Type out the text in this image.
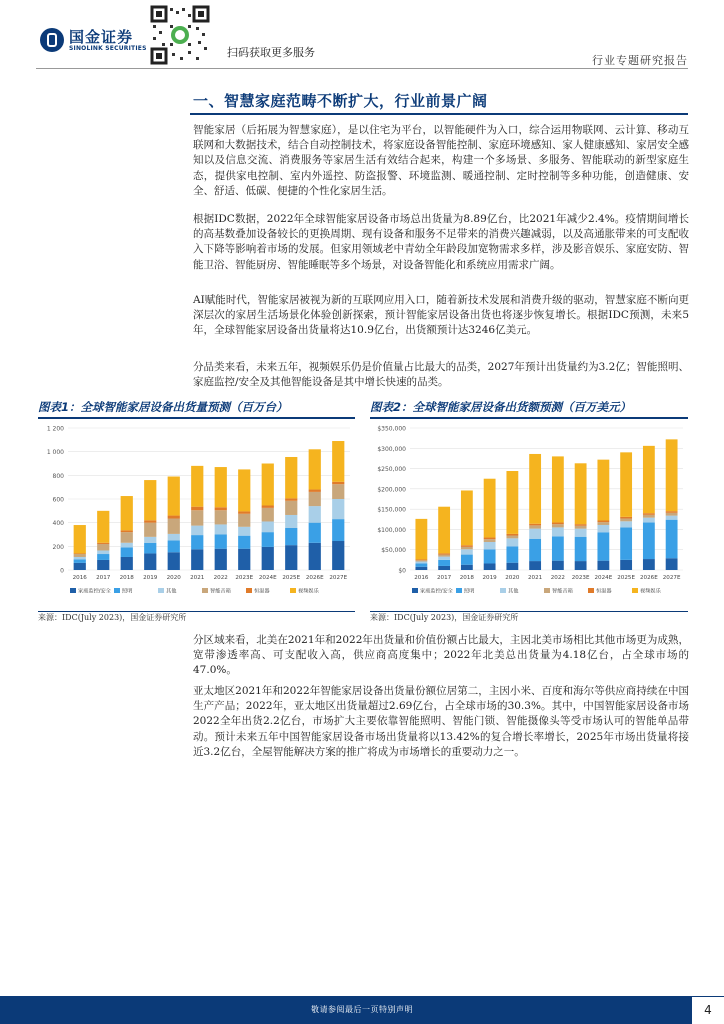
国金证券
SINOLINK SECURITIES	扫码获取更多服务
行业专题研究报告
一、智慧家庭范畴不断扩大，行业前景广阔
智能家居（后拓展为智慧家庭），是以住宅为平台，以智能硬件为入口，综合运用物联网、云计算、移动互联网和大数据技术，结合自动控制技术，将家庭设备智能控制、家庭环境感知、家人健康感知、家居安全感知以及信息交流、消费服务等家居生活有效结合起来，构建一个多场景、多服务、智能联动的新型家庭生态，提供家电控制、室内外遥控、防盗报警、环境监测、暖通控制、定时控制等多种功能，创造健康、安全、舒适、低碳、便捷的个性化家居生活。
根据IDC数据，2022年全球智能家居设备市场总出货量为8.89亿台，比2021年减少2.4%。疫情期间增长的高基数叠加设备较长的更换周期、现有设备和服务不足带来的消费兴趣减弱，以及高通胀带来的可支配收入下降等影响着市场的发展。但家用领域老中青幼全年龄段加宽物需求多样，涉及影音娱乐、家庭安防、智能卫浴、智能厨房、智能睡眠等多个场景，对设备智能化和系统应用需求广阔。
AI赋能时代，智能家居被视为新的互联网应用入口，随着新技术发展和消费升级的驱动，智慧家庭不断向更深层次的家居生活场景化体验创新探索，预计智能家居设备出货也将逐步恢复增长。根据IDC预测，未来5年，全球智能家居设备出货量将达10.9亿台，出货额预计达3246亿美元。
分品类来看，未来五年，视频娱乐仍是价值量占比最大的品类，2027年预计出货量约为3.2亿；智能照明、家庭监控/安全及其他智能设备是其中增长快速的品类。
图表1：全球智能家居设备出货量预测（百万台）
0
200
400
600
800
1 000
1 200
2016 2017 2018 2019 2020 2021 2022 2023E 2024E 2025E 2026E 2027E
家庭监控/安全 照明	其他	智能音箱	恒温器	视频娱乐
来源：IDC(July 2023)，国金证券研究所
图表2：全球智能家居设备出货额预测（百万美元）
$0
$50,000
$100,000
$150,000
$200,000
$250,000
$300,000
$350,000
2016 2017 2018 2019 2020 2021 2022 2023E 2024E 2025E 2026E 2027E
家庭监控/安全 照明	其他	智能音箱	恒温器	视频娱乐
来源：IDC(July 2023)，国金证券研究所
分区域来看，北美在2021年和2022年出货量和价值份额占比最大，主因北美市场相比其他市场更为成熟，宽带渗透率高、可支配收入高，供应商高度集中；2022年北美总出货量为4.18亿台，占全球市场的47.0%。
亚太地区2021年和2022年智能家居设备出货量份额位居第二，主因小米、百度和海尔等供应商持续在中国生产产品；2022年，亚太地区出货量超过2.69亿台，占全球市场的30.3%。其中，中国智能家居设备市场2022全年出货2.2亿台，市场扩大主要依靠智能照明、智能门锁、智能摄像头等受市场认可的智能单品带动。预计未来五年中国智能家居设备市场出货量将以13.42%的复合增长率增长，2025年市场出货量将接近3.2亿台，全屋智能解决方案的推广将成为市场增长的重要动力之一。
敬请参阅最后一页特别声明	4
